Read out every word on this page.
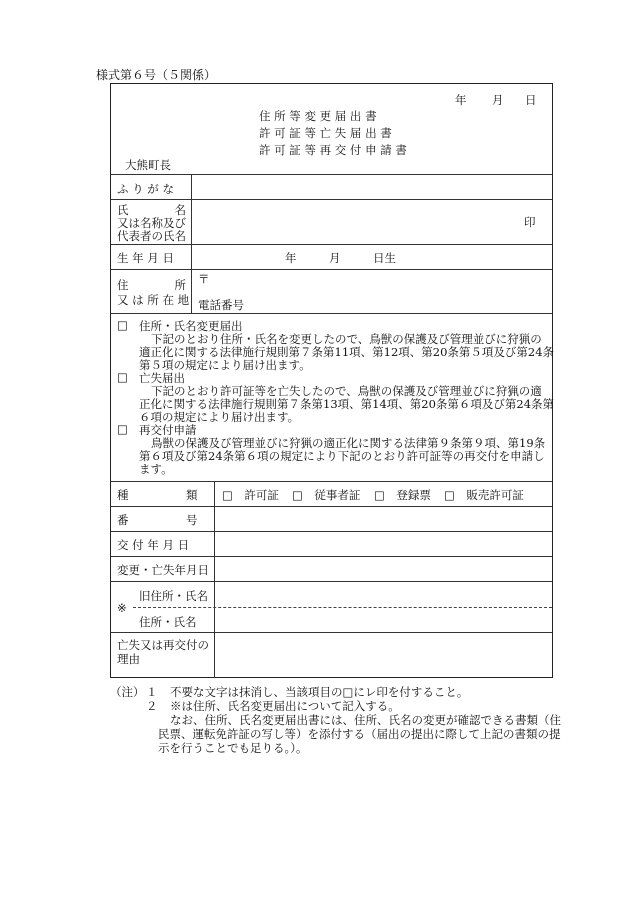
様式第６号（５関係）
年 月 日
住 所 等 変 更 届 出 書
許 可 証 等 亡 失 届 出 書
許 可 証 等 再 交 付 申 請 書
大熊町長
ふ り が な
氏　　　　名
又は名称及び
代表者の氏名
印
生 年 月 日	年	月	日生
住　　　　所
又 は 所 在 地
〒
電話番号
□ 住所・氏名変更届出
下記のとおり住所・氏名を変更したので、鳥獣の保護及び管理並びに狩猟の
適正化に関する法律施行規則第７条第11項、第12項、第20条第５項及び第24条
第５項の規定により届け出ます。
□ 亡失届出
下記のとおり許可証等を亡失したので、鳥獣の保護及び管理並びに狩猟の適
正化に関する法律施行規則第７条第13項、第14項、第20条第６項及び第24条第
６項の規定により届け出ます。
□ 再交付申請
鳥獣の保護及び管理並びに狩猟の適正化に関する法律第９条第９項、第19条
第６項及び第24条第６項の規定により下記のとおり許可証等の再交付を申請し
ます。
種　　　　　類 □　許可証 □　従事者証 □　登録票 □　販売許可証
番　　　　　号
交 付 年 月 日
変更・亡失年月日
※
旧住所・氏名
住所・氏名
亡失又は再交付の
理由
（注） １ 不要な文字は抹消し、当該項目の□にレ印を付すること。
２ ※は住所、氏名変更届出について記入する。
なお、住所、氏名変更届出書には、住所、氏名の変更が確認できる書類（住
民票、運転免許証の写し等）を添付する（届出の提出に際して上記の書類の提
示を行うことでも足りる。）。
